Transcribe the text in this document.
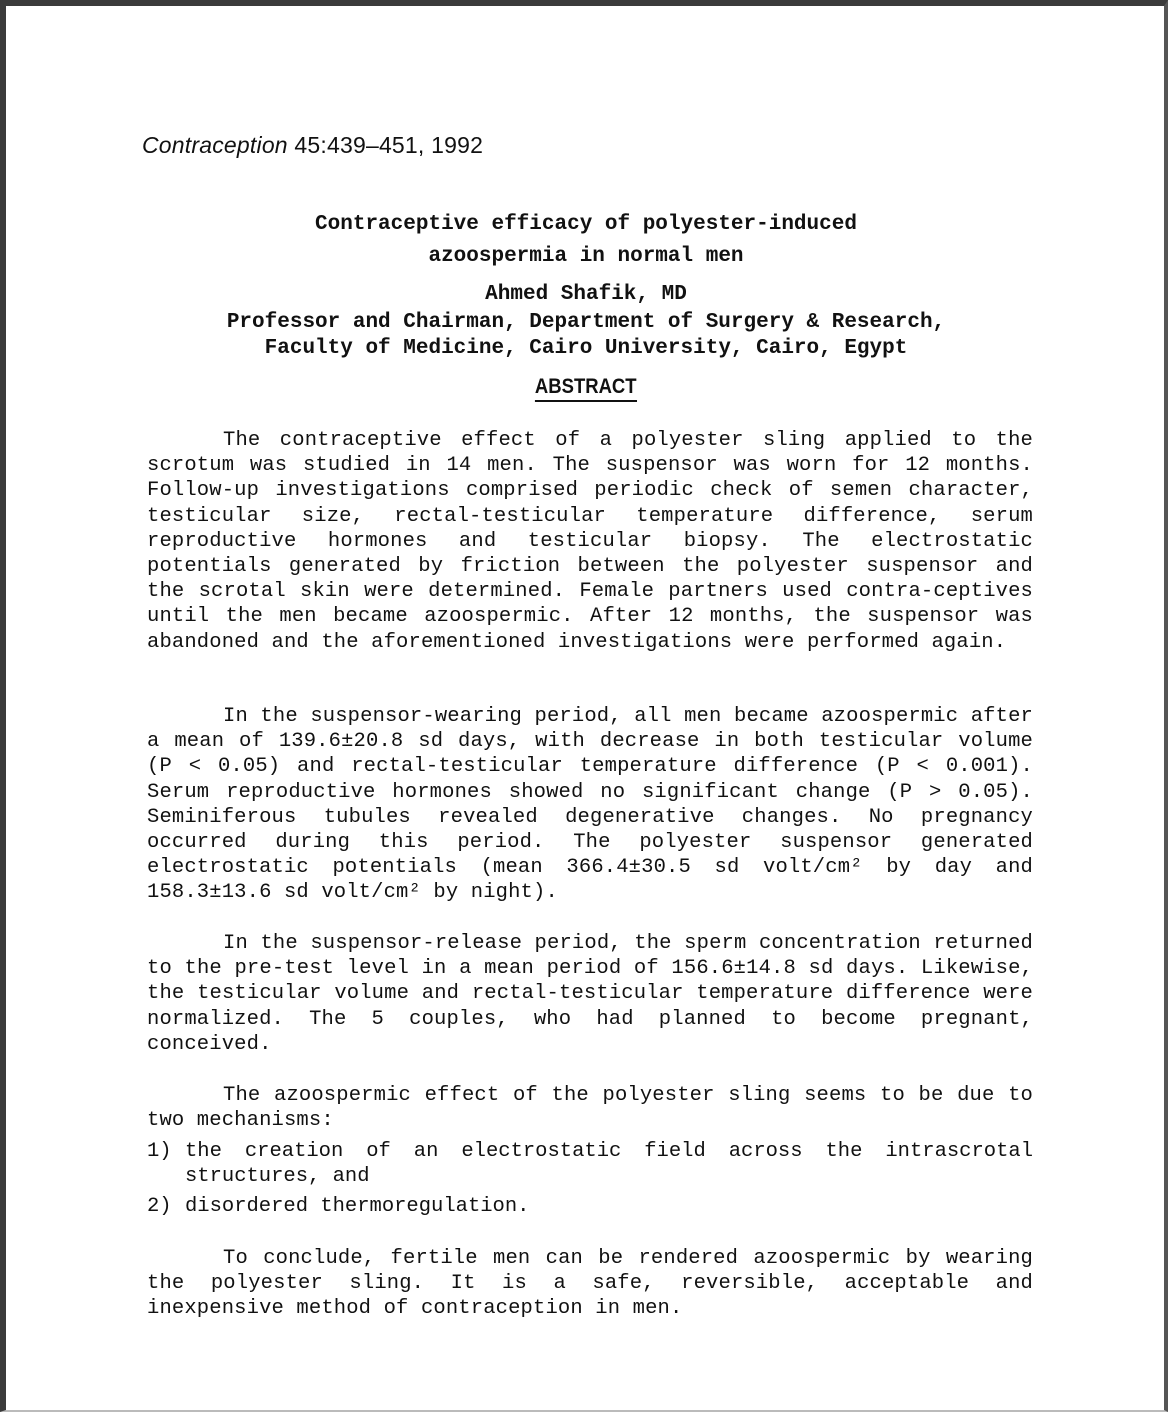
Contraception 45:439–451, 1992
Contraceptive efficacy of polyester-induced
azoospermia in normal men
Ahmed Shafik, MD
Professor and Chairman, Department of Surgery & Research,
Faculty of Medicine, Cairo University, Cairo, Egypt
ABSTRACT

The contraceptive effect of a polyester sling applied to the scrotum was studied in 14 men. The suspensor was worn for 12 months. Follow-up investigations comprised periodic check of semen character, testicular size, rectal-testicular temperature difference, serum reproductive hormones and testicular biopsy. The electrostatic potentials generated by friction between the polyester suspensor and the scrotal skin were determined. Female partners used contra-ceptives until the men became azoospermic. After 12 months, the suspensor was abandoned and the aforementioned investigations were performed again.

In the suspensor-wearing period, all men became azoospermic after a mean of 139.6±20.8 sd days, with decrease in both testicular volume (P < 0.05) and rectal-testicular temperature difference (P < 0.001). Serum reproductive hormones showed no significant change (P > 0.05). Seminiferous tubules revealed degenerative changes. No pregnancy occurred during this period. The polyester suspensor generated electrostatic potentials (mean 366.4±30.5 sd volt/cm² by day and 158.3±13.6 sd volt/cm² by night).

In the suspensor-release period, the sperm concentration returned to the pre-test level in a mean period of 156.6±14.8 sd days. Likewise, the testicular volume and rectal-testicular temperature difference were normalized. The 5 couples, who had planned to become pregnant, conceived.

The azoospermic effect of the polyester sling seems to be due to two mechanisms:

1) the creation of an electrostatic field across the intrascrotal structures, and
2) disordered thermoregulation.

To conclude, fertile men can be rendered azoospermic by wearing the polyester sling. It is a safe, reversible, acceptable and inexpensive method of contraception in men.
